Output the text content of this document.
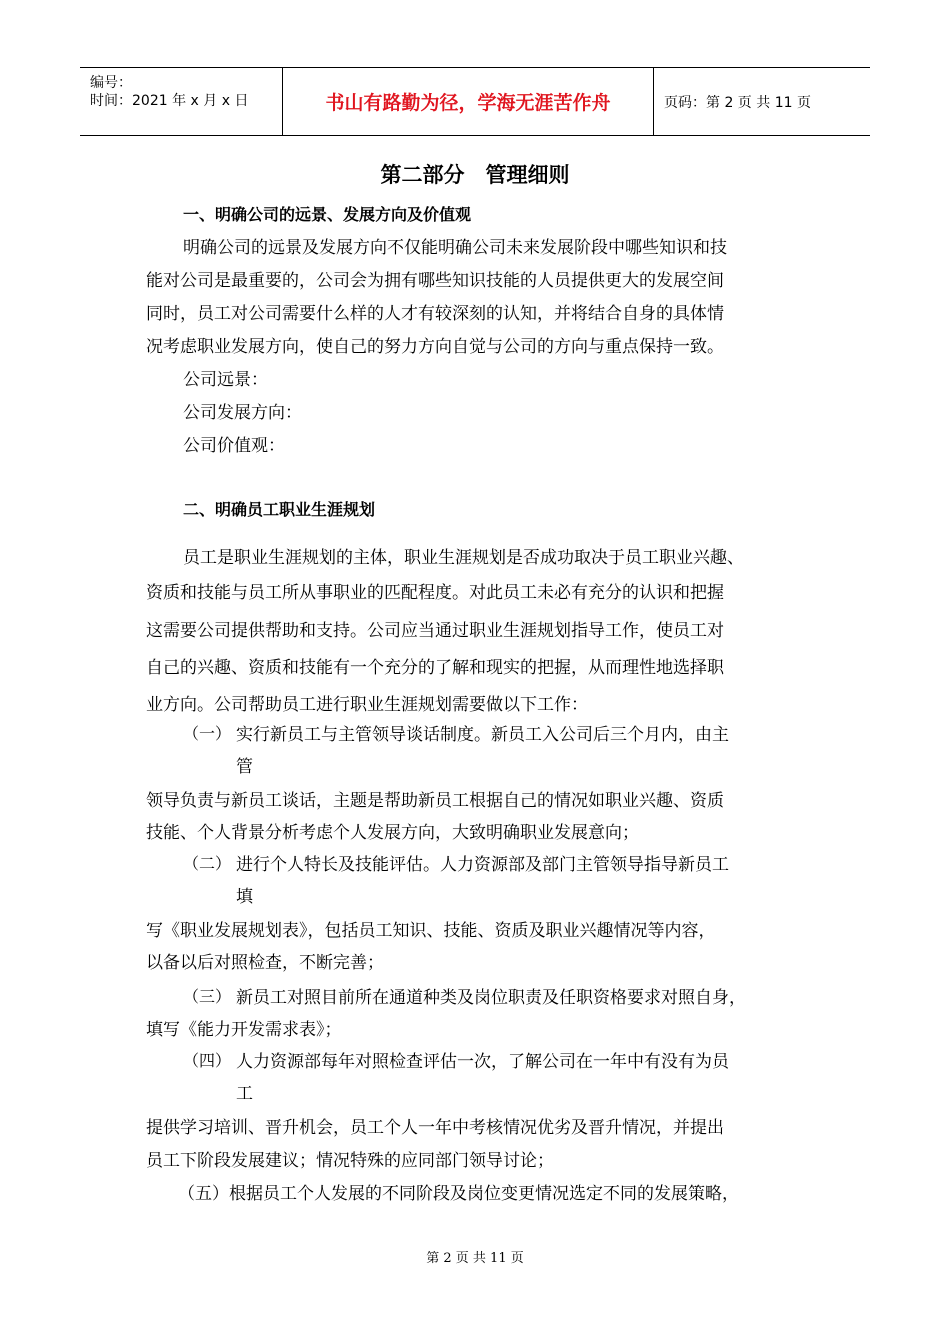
编号：
时间：2021 年 x 月 x 日	书山有路勤为径，学海无涯苦作舟	页码：第 2 页 共 11 页
第二部分　管理细则
一、明确公司的远景、发展方向及价值观
明确公司的远景及发展方向不仅能明确公司未来发展阶段中哪些知识和技
能对公司是最重要的，公司会为拥有哪些知识技能的人员提供更大的发展空间
同时，员工对公司需要什么样的人才有较深刻的认知，并将结合自身的具体情
况考虑职业发展方向，使自己的努力方向自觉与公司的方向与重点保持一致。
公司远景：
公司发展方向：
公司价值观：
二、明确员工职业生涯规划
员工是职业生涯规划的主体，职业生涯规划是否成功取决于员工职业兴趣、
资质和技能与员工所从事职业的匹配程度。对此员工未必有充分的认识和把握
这需要公司提供帮助和支持。公司应当通过职业生涯规划指导工作，使员工对
自己的兴趣、资质和技能有一个充分的了解和现实的把握，从而理性地选择职
业方向。公司帮助员工进行职业生涯规划需要做以下工作：
（一） 实行新员工与主管领导谈话制度。新员工入公司后三个月内，由主
管
领导负责与新员工谈话，主题是帮助新员工根据自己的情况如职业兴趣、资质
技能、个人背景分析考虑个人发展方向，大致明确职业发展意向；
（二） 进行个人特长及技能评估。人力资源部及部门主管领导指导新员工
填
写《职业发展规划表》，包括员工知识、技能、资质及职业兴趣情况等内容，
以备以后对照检查，不断完善；
（三） 新员工对照目前所在通道种类及岗位职责及任职资格要求对照自身，
填写《能力开发需求表》；
（四） 人力资源部每年对照检查评估一次，了解公司在一年中有没有为员
工
提供学习培训、晋升机会，员工个人一年中考核情况优劣及晋升情况，并提出
员工下阶段发展建议；情况特殊的应同部门领导讨论；
（五）根据员工个人发展的不同阶段及岗位变更情况选定不同的发展策略，
第 2 页 共 11 页
